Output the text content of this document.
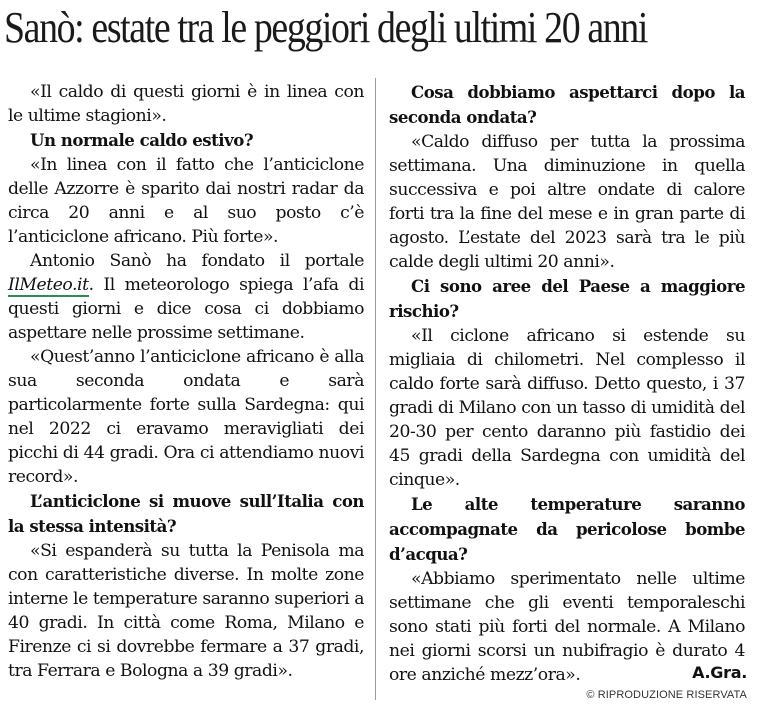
Sanò: estate tra le peggiori degli ultimi 20 anni

«Il caldo di questi giorni è in linea con le ultime stagioni».

Un normale caldo estivo?

«In linea con il fatto che l’anticiclone delle Azzorre è sparito dai nostri radar da circa 20 anni e al suo posto c’è l’anticiclone africano. Più forte».

Antonio Sanò ha fondato il portale IlMeteo.it. Il meteorologo spiega l’afa di questi giorni e dice cosa ci dobbiamo aspettare nelle prossime settimane.

«Quest’anno l’anticiclone africano è alla sua seconda ondata e sarà particolarmente forte sulla Sardegna: qui nel 2022 ci eravamo meravigliati dei picchi di 44 gradi. Ora ci attendiamo nuovi record».

L’anticiclone si muove sull’Italia con la stessa intensità?

«Si espanderà su tutta la Penisola ma con caratteristiche diverse. In molte zone interne le temperature saranno superiori a 40 gradi. In città come Roma, Milano e Firenze ci si dovrebbe fermare a 37 gradi, tra Ferrara e Bologna a 39 gradi».

Cosa dobbiamo aspettarci dopo la seconda ondata?

«Caldo diffuso per tutta la prossima settimana. Una diminuzione in quella successiva e poi altre ondate di calore forti tra la fine del mese e in gran parte di agosto. L’estate del 2023 sarà tra le più calde degli ultimi 20 anni».

Ci sono aree del Paese a maggiore rischio?

«Il ciclone africano si estende su migliaia di chilometri. Nel complesso il caldo forte sarà diffuso. Detto questo, i 37 gradi di Milano con un tasso di umidità del 20-30 per cento daranno più fastidio dei 45 gradi della Sardegna con umidità del cinque».

Le alte temperature saranno accompagnate da pericolose bombe d’acqua?

«Abbiamo sperimentato nelle ultime settimane che gli eventi temporaleschi sono stati più forti del normale. A Milano nei giorni scorsi un nubifragio è durato 4 ore anziché mezz’ora».	A.Gra.
© RIPRODUZIONE RISERVATA
